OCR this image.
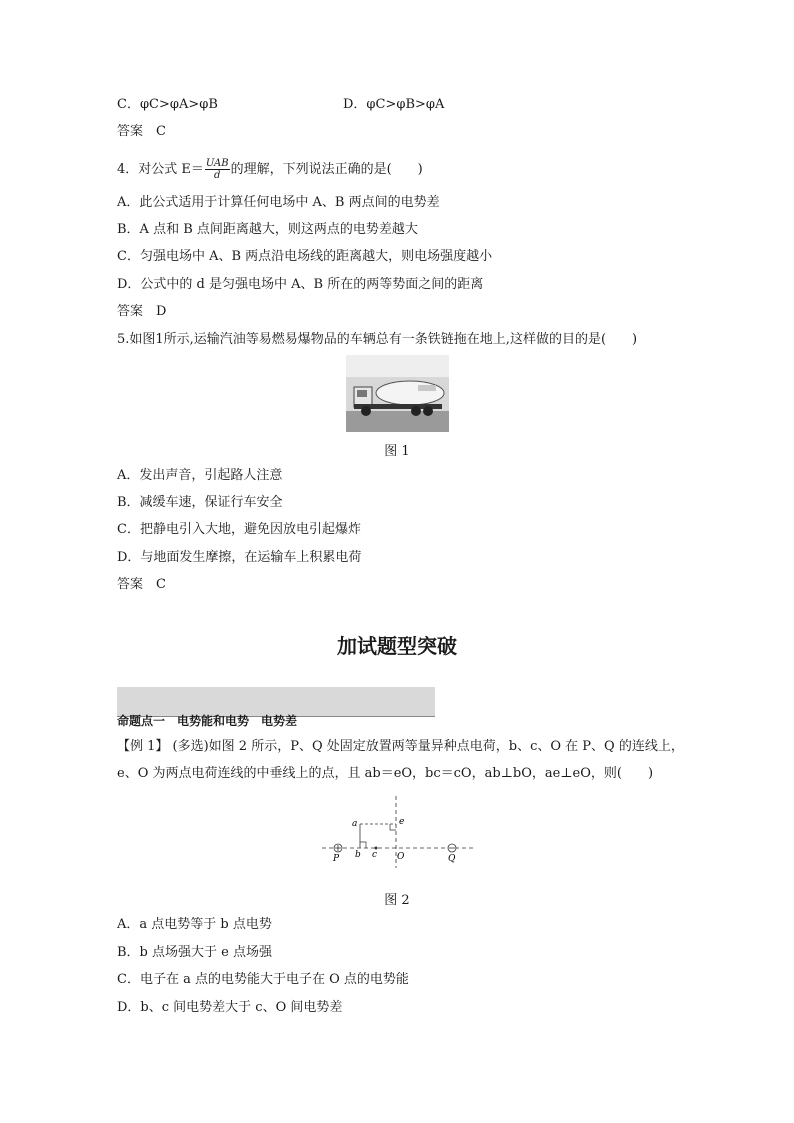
C．φC>φA>φB	D．φC>φB>φA
答案　C
4．对公式 $E= \frac{\text{UAB}}{d}$ 的理解，下列说法正确的是(　　)
A．此公式适用于计算任何电场中 A、B 两点间的电势差
B．A 点和 B 点间距离越大，则这两点的电势差越大
C．匀强电场中 A、B 两点沿电场线的距离越大，则电场强度越小
D．公式中的 d 是匀强电场中 A、B 所在的两等势面之间的距离
答案　D
5.如图1所示,运输汽油等易燃易爆物品的车辆总有一条铁链拖在地上,这样做的目的是(　　)
图 1
A．发出声音，引起路人注意
B．减缓车速，保证行车安全
C．把静电引入大地，避免因放电引起爆炸
D．与地面发生摩擦，在运输车上积累电荷
答案　C
加试题型突破
命题点一　电势能和电势　电势差
【例 1】 (多选)如图 2 所示，P、Q 处固定放置两等量异种点电荷，b、c、O 在 P、Q 的连线上，
e、O 为两点电荷连线的中垂线上的点，且 ab＝eO，bc＝cO，ab⊥bO，ae⊥eO，则(　　)
a	e
P b c O	Q
图 2
A．a 点电势等于 b 点电势
B．b 点场强大于 e 点场强
C．电子在 a 点的电势能大于电子在 O 点的电势能
D．b、c 间电势差大于 c、O 间电势差
